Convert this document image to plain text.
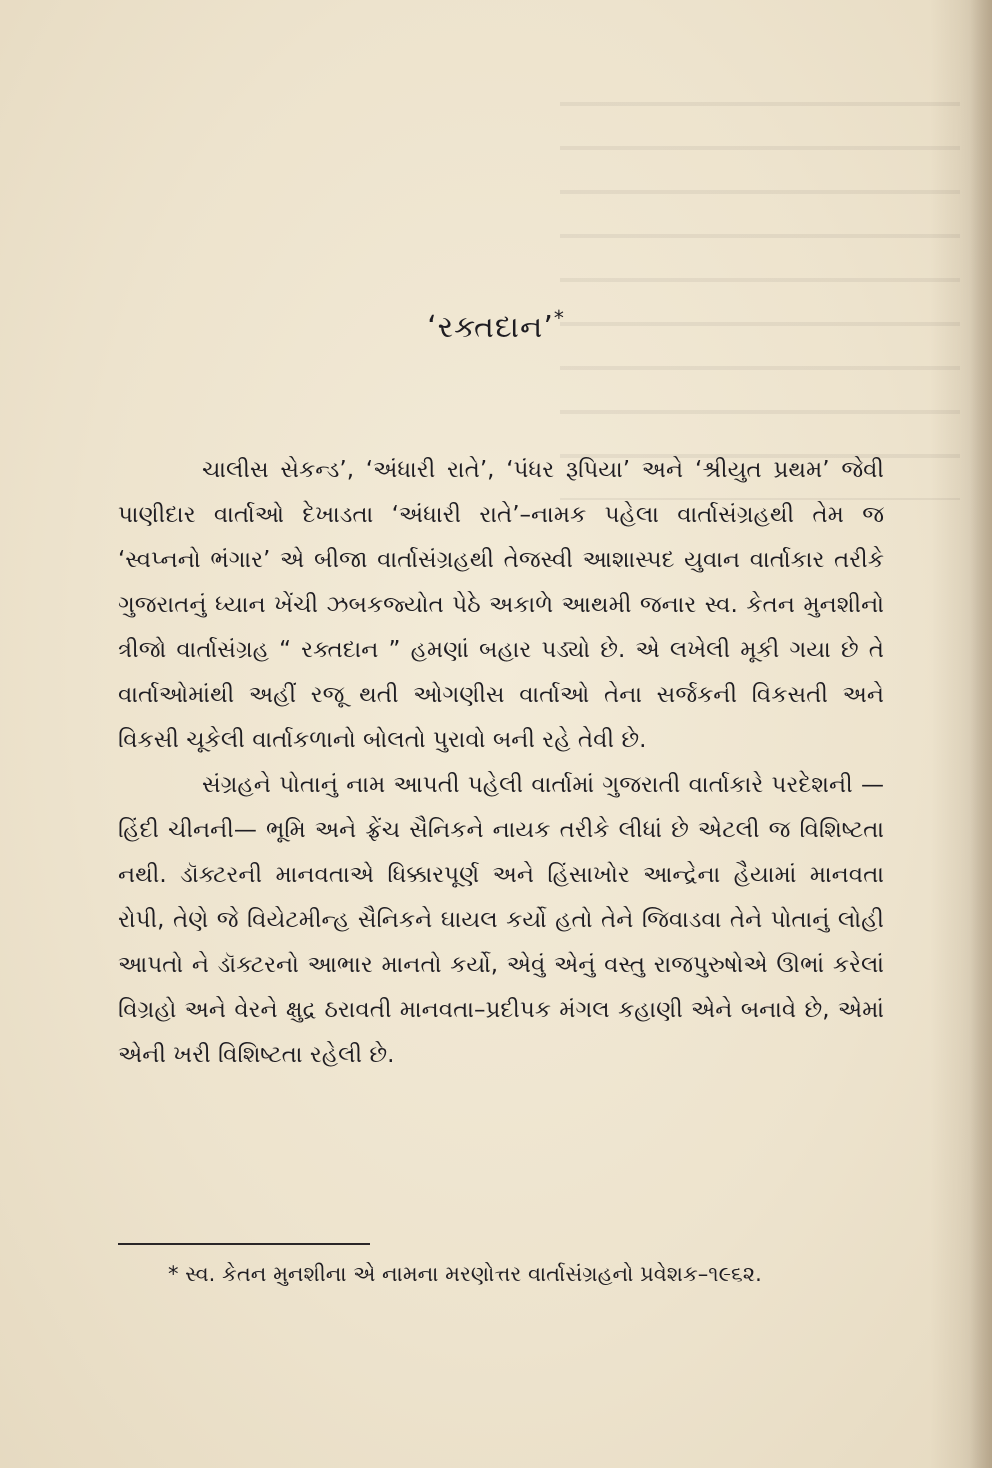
‘રક્તદાન’*

ચાલીસ સેકન્ડ’, ‘અંધારી રાતે’, ‘પંધર રૂપિયા’ અને ‘શ્રીયુત પ્રથમ’ જેવી પાણીદાર વાર્તાઓ દેખાડતા ‘અંધારી રાતે’–નામક પહેલા વાર્તાસંગ્રહથી તેમ જ ‘સ્વપ્નનો ભંગાર’ એ બીજા વાર્તાસંગ્રહથી તેજસ્વી આશાસ્પદ યુવાન વાર્તાકાર તરીકે ગુજરાતનું ધ્યાન ખેંચી ઝબકજ્યોત પેઠે અકાળે આથમી જનાર સ્વ. કેતન મુનશીનો ત્રીજો વાર્તાસંગ્રહ “ રક્તદાન ” હમણાં બહાર પડ્યો છે. એ લખેલી મૂકી ગયા છે તે વાર્તાઓમાંથી અહીં રજૂ થતી ઓગણીસ વાર્તાઓ તેના સર્જકની વિકસતી અને વિકસી ચૂકેલી વાર્તાકળાનો બોલતો પુરાવો બની રહે તેવી છે.

સંગ્રહને પોતાનું નામ આપતી પહેલી વાર્તામાં ગુજરાતી વાર્તાકારે પરદેશની — હિંદી ચીનની— ભૂમિ અને ફ્રેંચ સૈનિકને નાયક તરીકે લીધાં છે એટલી જ વિશિષ્ટતા નથી. ડૉક્ટરની માનવતાએ ધિક્કારપૂર્ણ અને હિંસાખોર આન્દ્રેના હૈયામાં માનવતા રોપી, તેણે જે વિયેટમીન્હ સૈનિકને ઘાયલ કર્યો હતો તેને જિવાડવા તેને પોતાનું લોહી આપતો ને ડૉક્ટરનો આભાર માનતો કર્યો, એવું એનું વસ્તુ રાજપુરુષોએ ઊભાં કરેલાં વિગ્રહો અને વેરને ક્ષુદ્ર ઠરાવતી માનવતા–પ્રદીપક મંગલ કહાણી એને બનાવે છે, એમાં એની ખરી વિશિષ્ટતા રહેલી છે.

* સ્વ. કેતન મુનશીના એ નામના મરણોત્તર વાર્તાસંગ્રહનો પ્રવેશક–૧૯૬૨.
